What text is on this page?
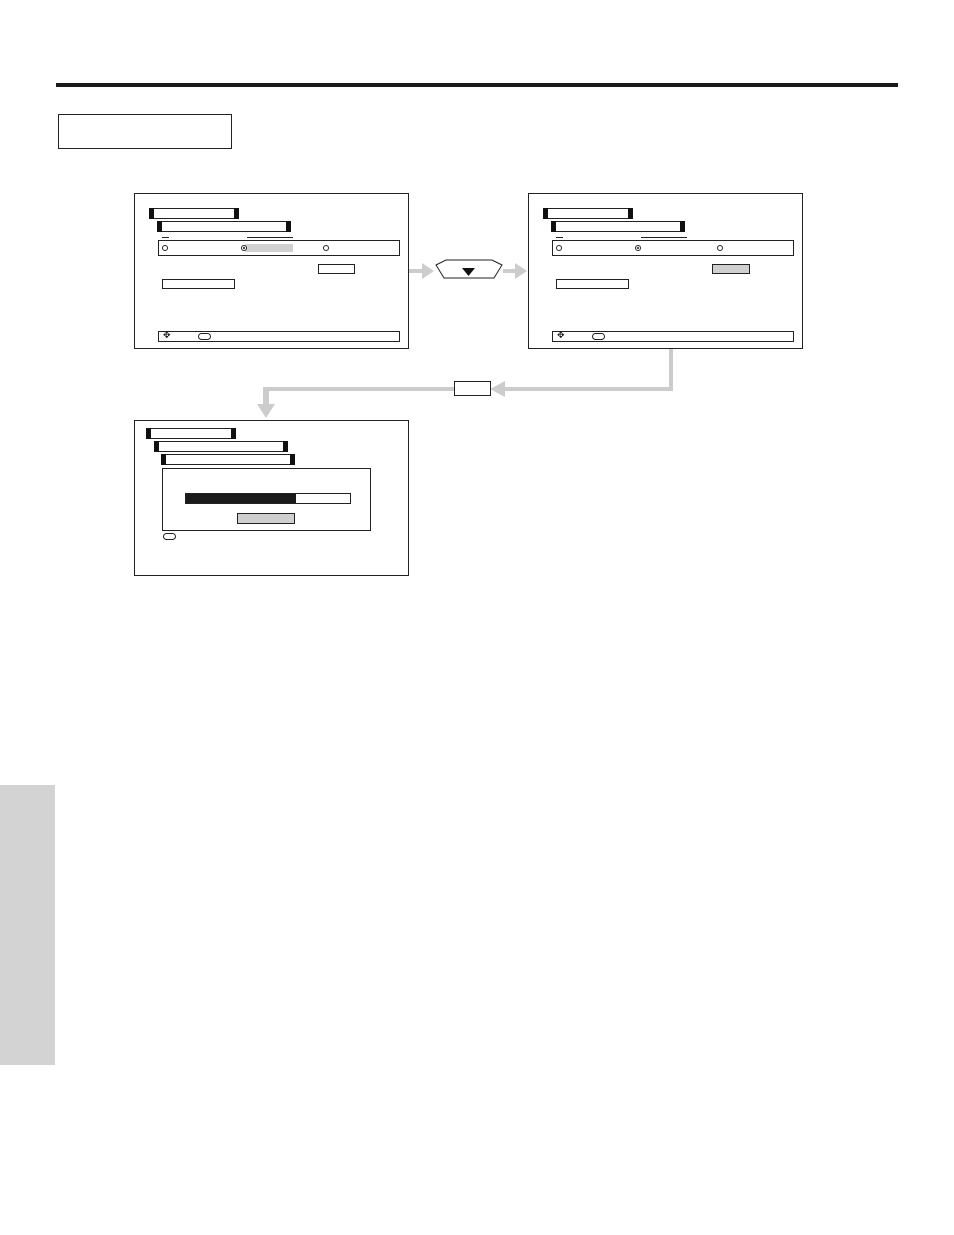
✥	✥
